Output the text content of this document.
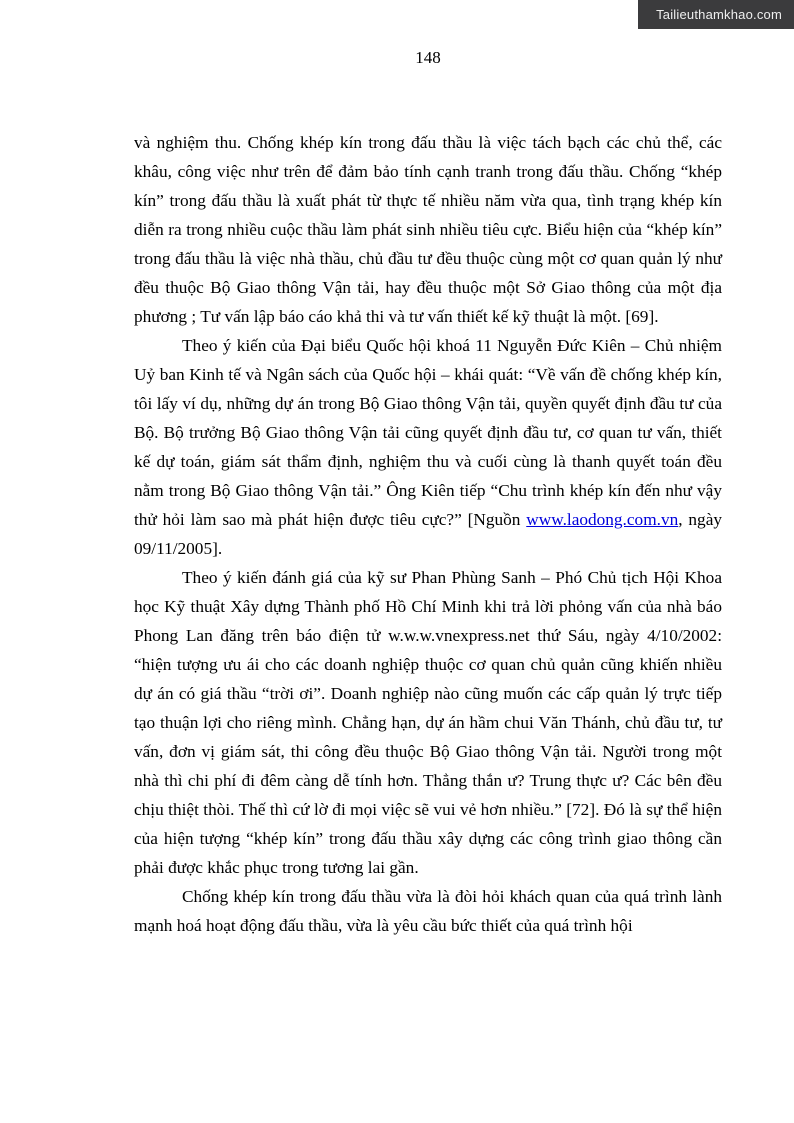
Tailieuthamkhao.com
148

và nghiệm thu. Chống khép kín trong đấu thầu là việc tách bạch các chủ thể, các khâu, công việc như trên để đảm bảo tính cạnh tranh trong đấu thầu. Chống “khép kín” trong đấu thầu là xuất phát từ thực tế nhiều năm vừa qua, tình trạng khép kín diễn ra trong nhiều cuộc thầu làm phát sinh nhiều tiêu cực. Biểu hiện của “khép kín” trong đấu thầu là việc nhà thầu, chủ đầu tư đều thuộc cùng một cơ quan quản lý như đều thuộc Bộ Giao thông Vận tải, hay đều thuộc một Sở Giao thông của một địa phương ; Tư vấn lập báo cáo khả thi và tư vấn thiết kế kỹ thuật là một. [69].

Theo ý kiến của Đại biểu Quốc hội khoá 11 Nguyễn Đức Kiên – Chủ nhiệm Uỷ ban Kinh tế và Ngân sách của Quốc hội – khái quát: “Về vấn đề chống khép kín, tôi lấy ví dụ, những dự án trong Bộ Giao thông Vận tải, quyền quyết định đầu tư của Bộ. Bộ trưởng Bộ Giao thông Vận tải cũng quyết định đầu tư, cơ quan tư vấn, thiết kế dự toán, giám sát thẩm định, nghiệm thu và cuối cùng là thanh quyết toán đều nằm trong Bộ Giao thông Vận tải.” Ông Kiên tiếp “Chu trình khép kín đến như vậy thử hỏi làm sao mà phát hiện được tiêu cực?” [Nguồn www.laodong.com.vn, ngày 09/11/2005].

Theo ý kiến đánh giá của kỹ sư Phan Phùng Sanh – Phó Chủ tịch Hội Khoa học Kỹ thuật Xây dựng Thành phố Hồ Chí Minh khi trả lời phỏng vấn của nhà báo Phong Lan đăng trên báo điện tử w.w.w.vnexpress.net thứ Sáu, ngày 4/10/2002: “hiện tượng ưu ái cho các doanh nghiệp thuộc cơ quan chủ quản cũng khiến nhiều dự án có giá thầu “trời ơi”. Doanh nghiệp nào cũng muốn các cấp quản lý trực tiếp tạo thuận lợi cho riêng mình. Chẳng hạn, dự án hầm chui Văn Thánh, chủ đầu tư, tư vấn, đơn vị giám sát, thi công đều thuộc Bộ Giao thông Vận tải. Người trong một nhà thì chi phí đi đêm càng dễ tính hơn. Thẳng thắn ư? Trung thực ư? Các bên đều chịu thiệt thòi. Thế thì cứ lờ đi mọi việc sẽ vui vẻ hơn nhiều.” [72]. Đó là sự thể hiện của hiện tượng “khép kín” trong đấu thầu xây dựng các công trình giao thông cần phải được khắc phục trong tương lai gần.

Chống khép kín trong đấu thầu vừa là đòi hỏi khách quan của quá trình lành mạnh hoá hoạt động đấu thầu, vừa là yêu cầu bức thiết của quá trình hội
